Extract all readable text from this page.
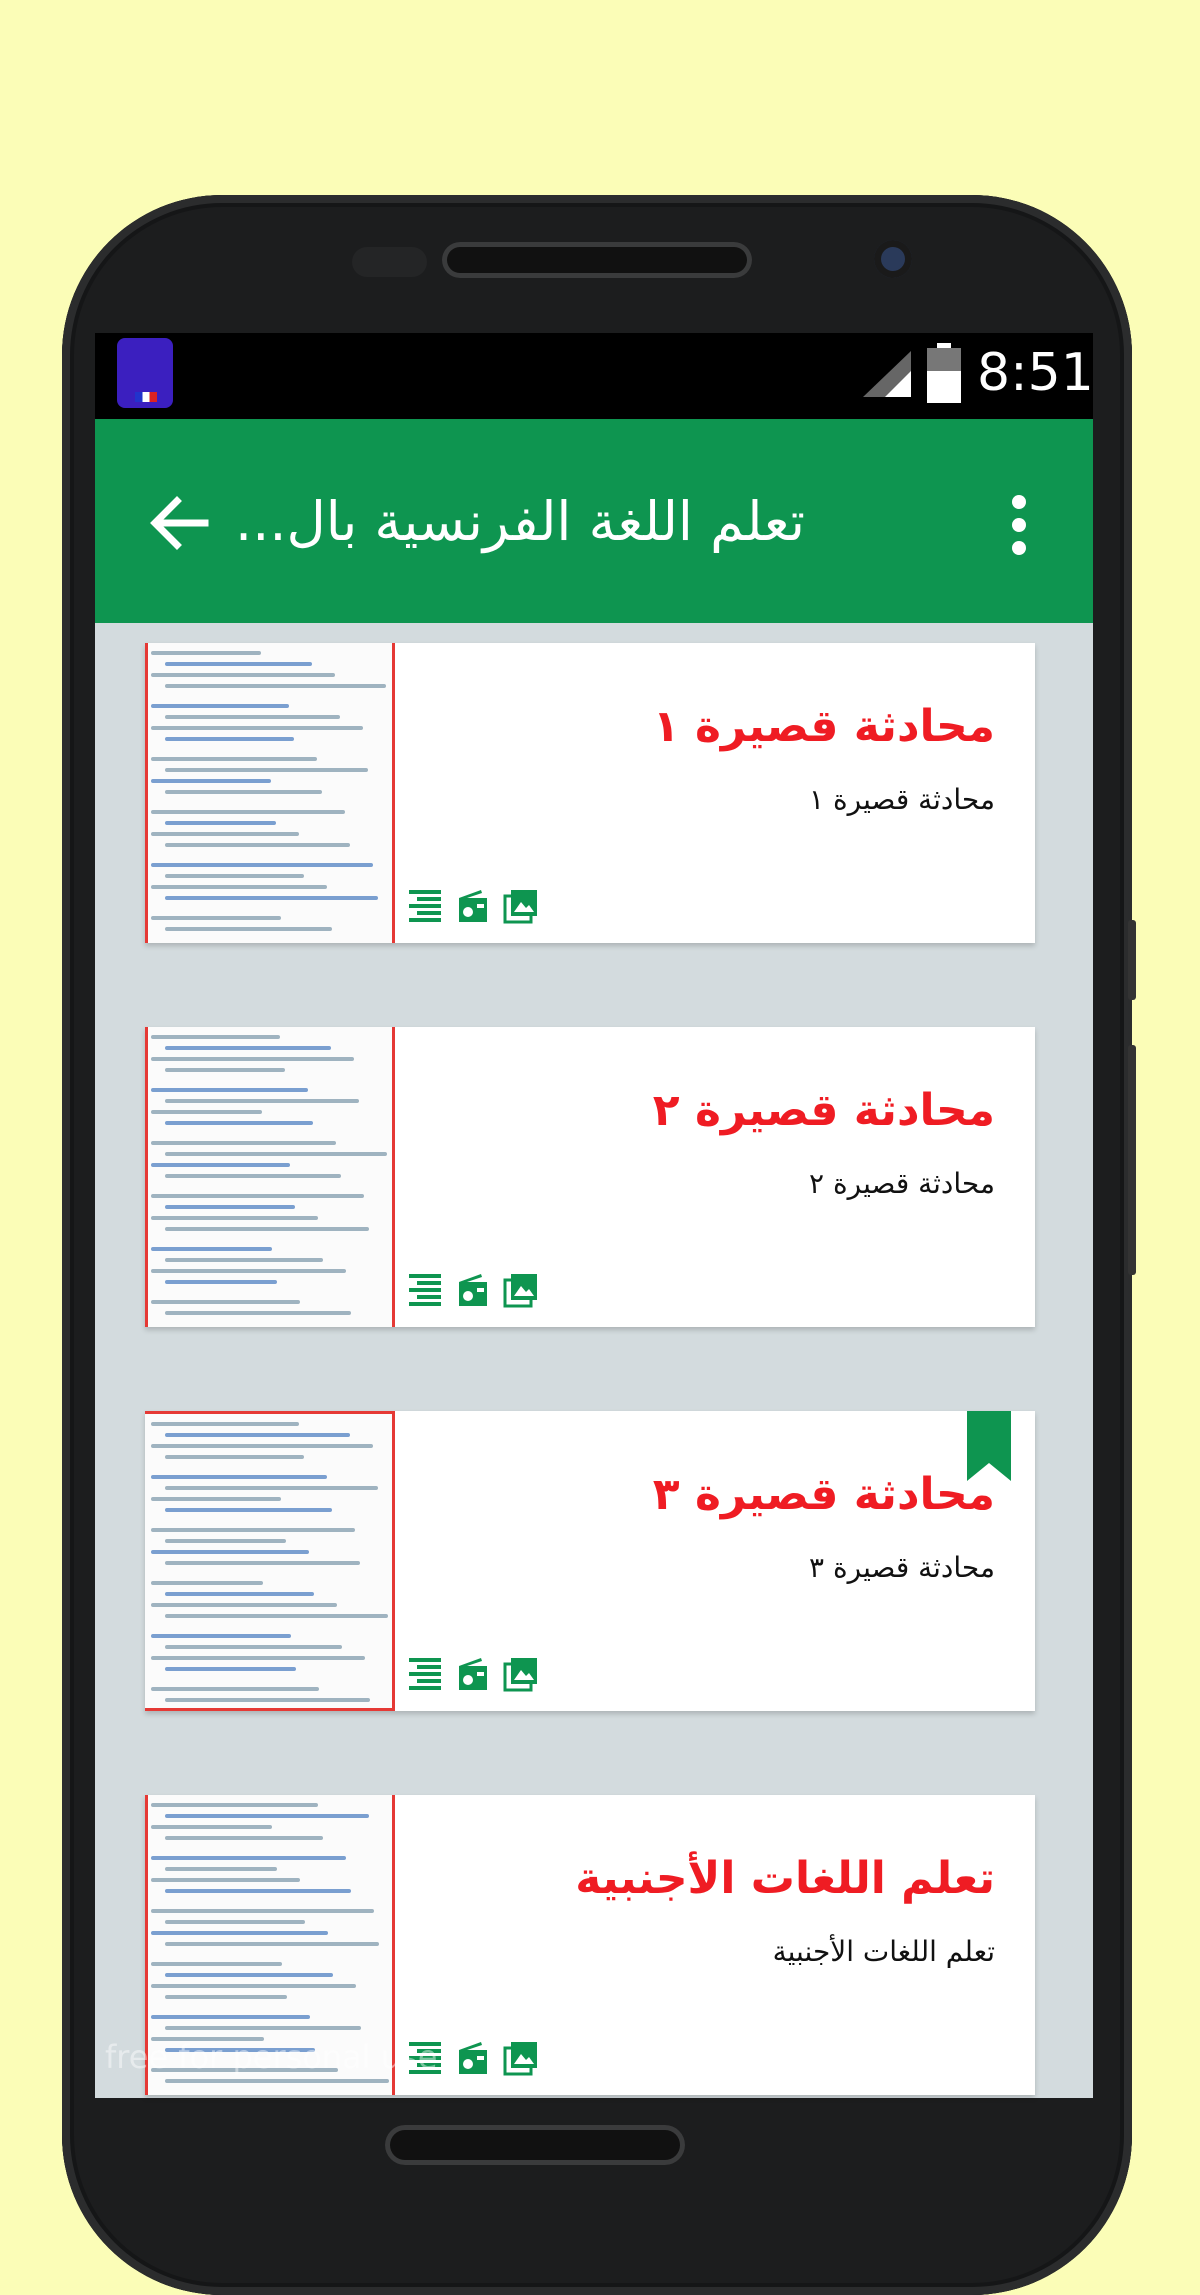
8:51
تعلم اللغة الفرنسية بال...
محادثة قصيرة ١
محادثة قصيرة ١
محادثة قصيرة ٢
محادثة قصيرة ٢
محادثة قصيرة ٣
محادثة قصيرة ٣
تعلم اللغات الأجنبية
تعلم اللغات الأجنبية
free for personal use
